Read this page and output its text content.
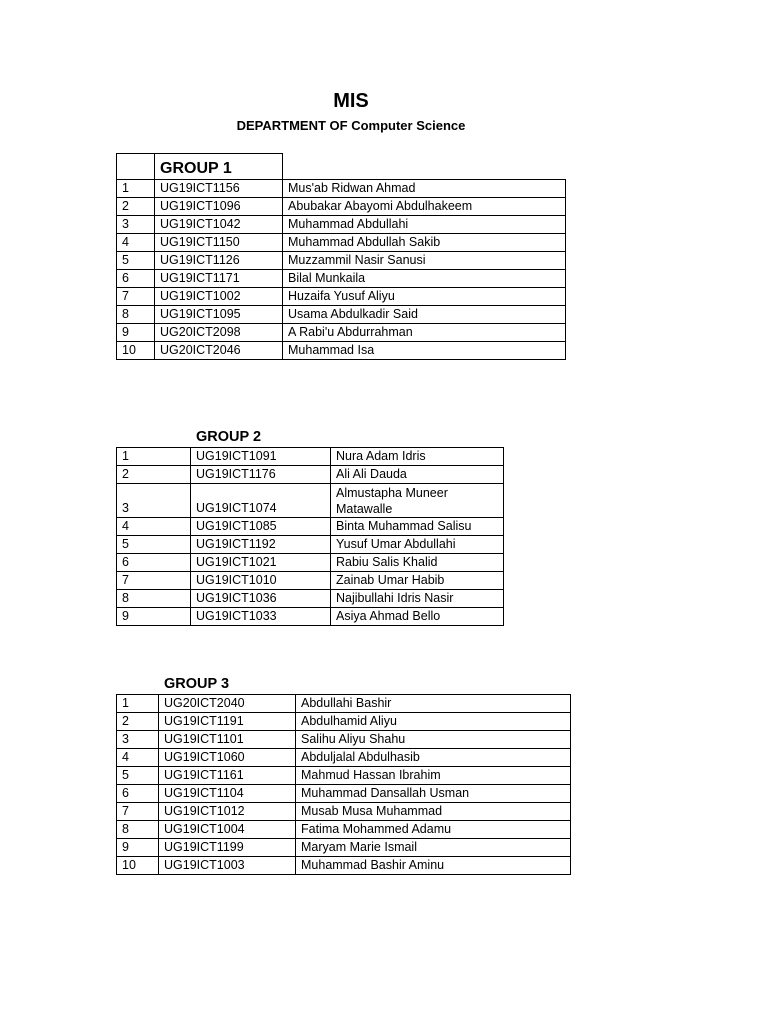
MIS
DEPARTMENT OF Computer Science
	GROUP 1	
1	UG19ICT1156	Mus'ab Ridwan Ahmad
2	UG19ICT1096	Abubakar Abayomi Abdulhakeem
3	UG19ICT1042	Muhammad Abdullahi
4	UG19ICT1150	Muhammad Abdullah Sakib
5	UG19ICT1126	Muzzammil Nasir Sanusi
6	UG19ICT1171	Bilal Munkaila
7	UG19ICT1002	Huzaifa Yusuf Aliyu
8	UG19ICT1095	Usama Abdulkadir Said
9	UG20ICT2098	A Rabi'u Abdurrahman
10	UG20ICT2046	Muhammad Isa
GROUP 2
1	UG19ICT1091	Nura Adam Idris
2	UG19ICT1176	Ali Ali Dauda
3	UG19ICT1074	Almustapha Muneer Matawalle
4	UG19ICT1085	Binta Muhammad Salisu
5	UG19ICT1192	Yusuf Umar Abdullahi
6	UG19ICT1021	Rabiu Salis Khalid
7	UG19ICT1010	Zainab Umar Habib
8	UG19ICT1036	Najibullahi Idris Nasir
9	UG19ICT1033	Asiya Ahmad Bello
GROUP 3
1	UG20ICT2040	Abdullahi Bashir
2	UG19ICT1191	Abdulhamid Aliyu
3	UG19ICT1101	Salihu Aliyu Shahu
4	UG19ICT1060	Abduljalal Abdulhasib
5	UG19ICT1161	Mahmud Hassan Ibrahim
6	UG19ICT1104	Muhammad Dansallah Usman
7	UG19ICT1012	Musab Musa Muhammad
8	UG19ICT1004	Fatima Mohammed Adamu
9	UG19ICT1199	Maryam Marie Ismail
10	UG19ICT1003	Muhammad Bashir Aminu
